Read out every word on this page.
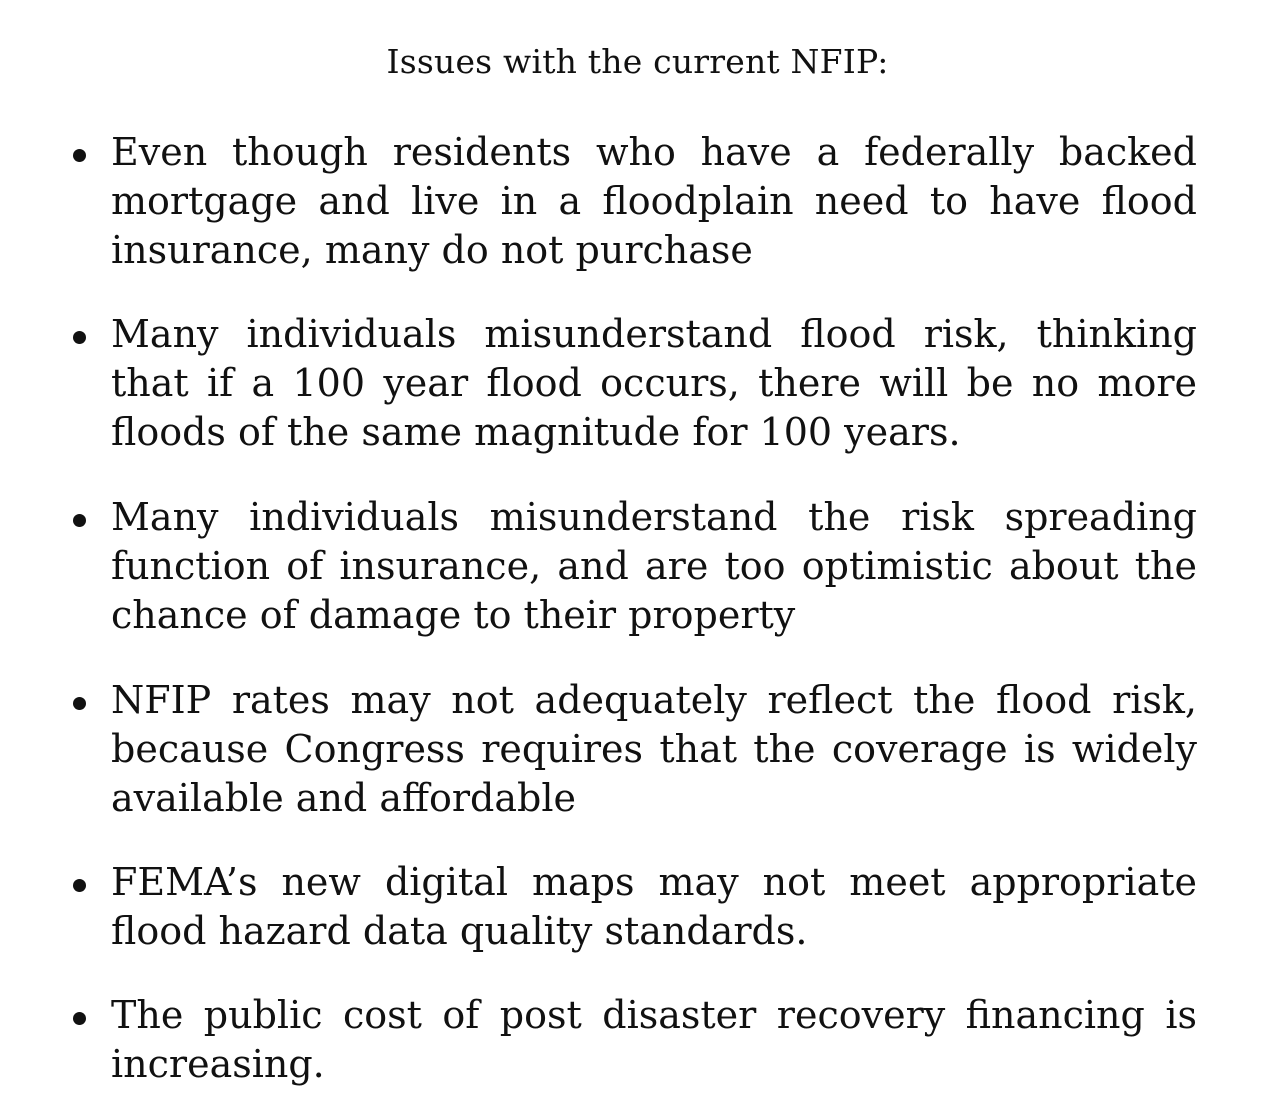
Issues with the current NFIP:
Even though residents who have a federally backed mortgage and live in a floodplain need to have flood insurance, many do not purchase
Many individuals misunderstand flood risk, thinking that if a 100 year flood occurs, there will be no more floods of the same magnitude for 100 years.
Many individuals misunderstand the risk spreading function of insurance, and are too optimistic about the chance of damage to their property
NFIP rates may not adequately reflect the flood risk, because Congress requires that the coverage is widely available and affordable
FEMA’s new digital maps may not meet appropriate flood hazard data quality standards.
The public cost of post disaster recovery financing is increasing.
